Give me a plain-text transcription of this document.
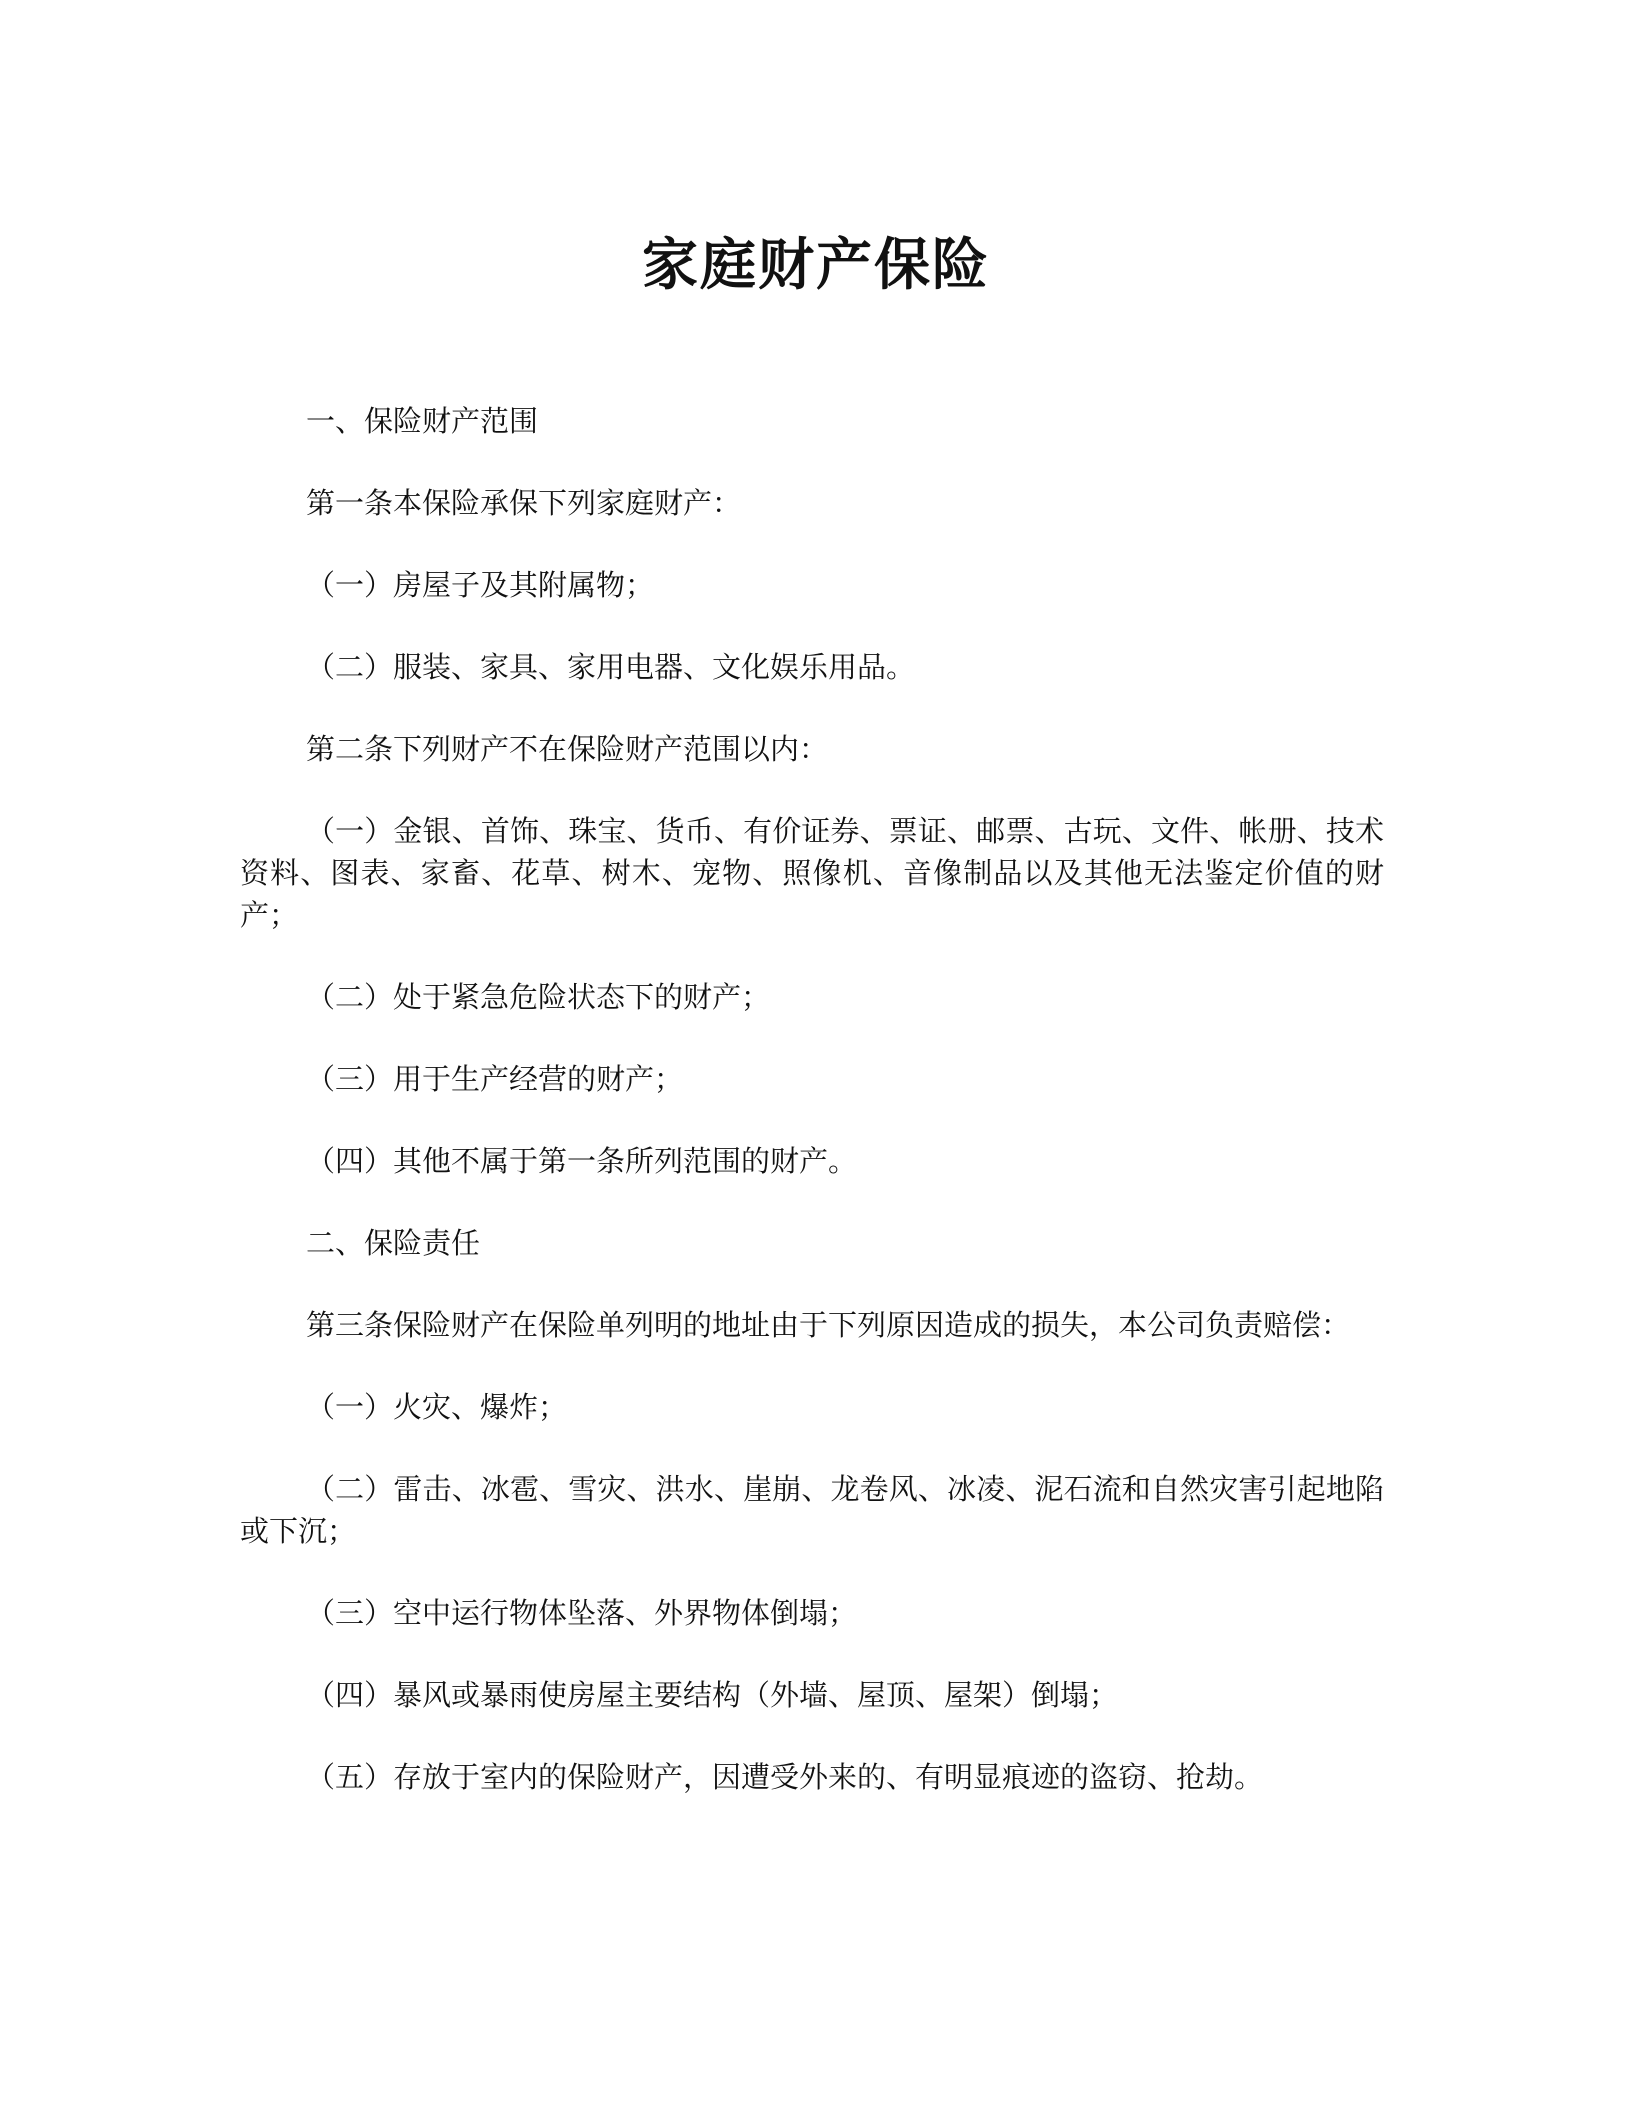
家庭财产保险

一、保险财产范围

第一条本保险承保下列家庭财产：

（一）房屋子及其附属物；

（二）服装、家具、家用电器、文化娱乐用品。

第二条下列财产不在保险财产范围以内：

（一）金银、首饰、珠宝、货币、有价证券、票证、邮票、古玩、文件、帐册、技术资料、图表、家畜、花草、树木、宠物、照像机、音像制品以及其他无法鉴定价值的财产；

（二）处于紧急危险状态下的财产；

（三）用于生产经营的财产；

（四）其他不属于第一条所列范围的财产。

二、保险责任

第三条保险财产在保险单列明的地址由于下列原因造成的损失，本公司负责赔偿：

（一）火灾、爆炸；

（二）雷击、冰雹、雪灾、洪水、崖崩、龙卷风、冰凌、泥石流和自然灾害引起地陷或下沉；

（三）空中运行物体坠落、外界物体倒塌；

（四）暴风或暴雨使房屋主要结构（外墙、屋顶、屋架）倒塌；

（五）存放于室内的保险财产，因遭受外来的、有明显痕迹的盗窃、抢劫。
